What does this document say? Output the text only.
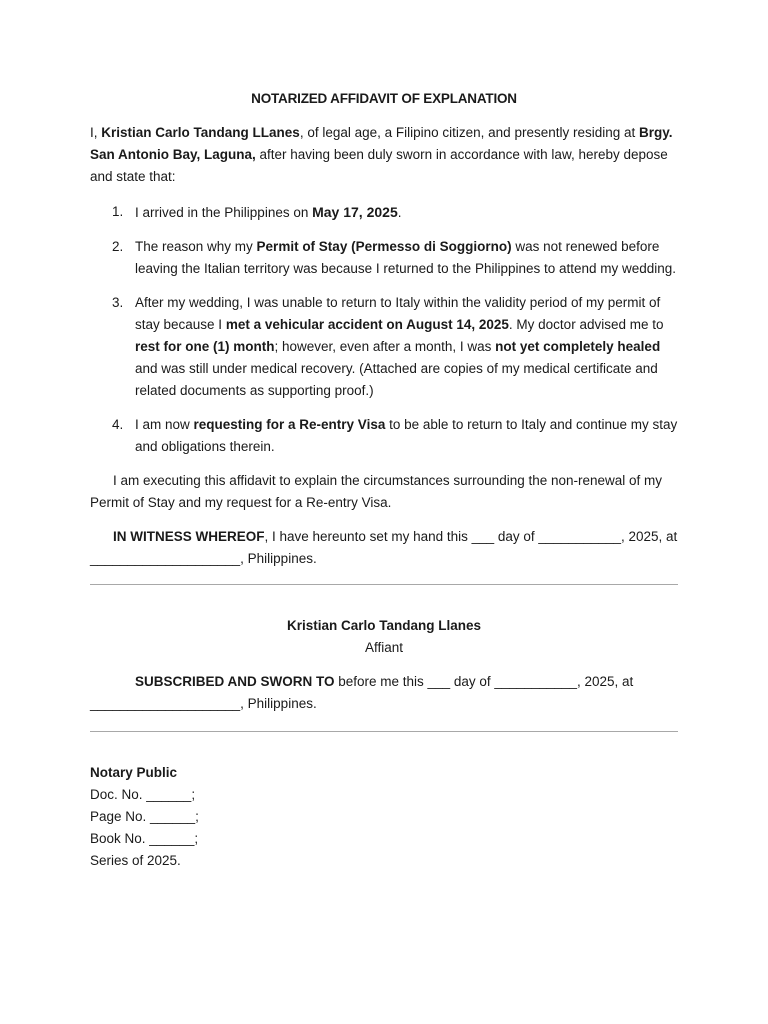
NOTARIZED AFFIDAVIT OF EXPLANATION

I, Kristian Carlo Tandang LLanes, of legal age, a Filipino citizen, and presently residing at Brgy. San Antonio Bay, Laguna, after having been duly sworn in accordance with law, hereby depose and state that:

1. I arrived in the Philippines on May 17, 2025.
2. The reason why my Permit of Stay (Permesso di Soggiorno) was not renewed before leaving the Italian territory was because I returned to the Philippines to attend my wedding.
3. After my wedding, I was unable to return to Italy within the validity period of my permit of stay because I met a vehicular accident on August 14, 2025. My doctor advised me to rest for one (1) month; however, even after a month, I was not yet completely healed and was still under medical recovery. (Attached are copies of my medical certificate and related documents as supporting proof.)
4. I am now requesting for a Re-entry Visa to be able to return to Italy and continue my stay and obligations therein.

I am executing this affidavit to explain the circumstances surrounding the non-renewal of my Permit of Stay and my request for a Re-entry Visa.

IN WITNESS WHEREOF, I have hereunto set my hand this ___ day of ___________, 2025, at ____________________, Philippines.

Kristian Carlo Tandang Llanes
Affiant

SUBSCRIBED AND SWORN TO before me this ___ day of ___________, 2025, at ____________________, Philippines.

Notary Public
Doc. No. ______;
Page No. ______;
Book No. ______;
Series of 2025.
